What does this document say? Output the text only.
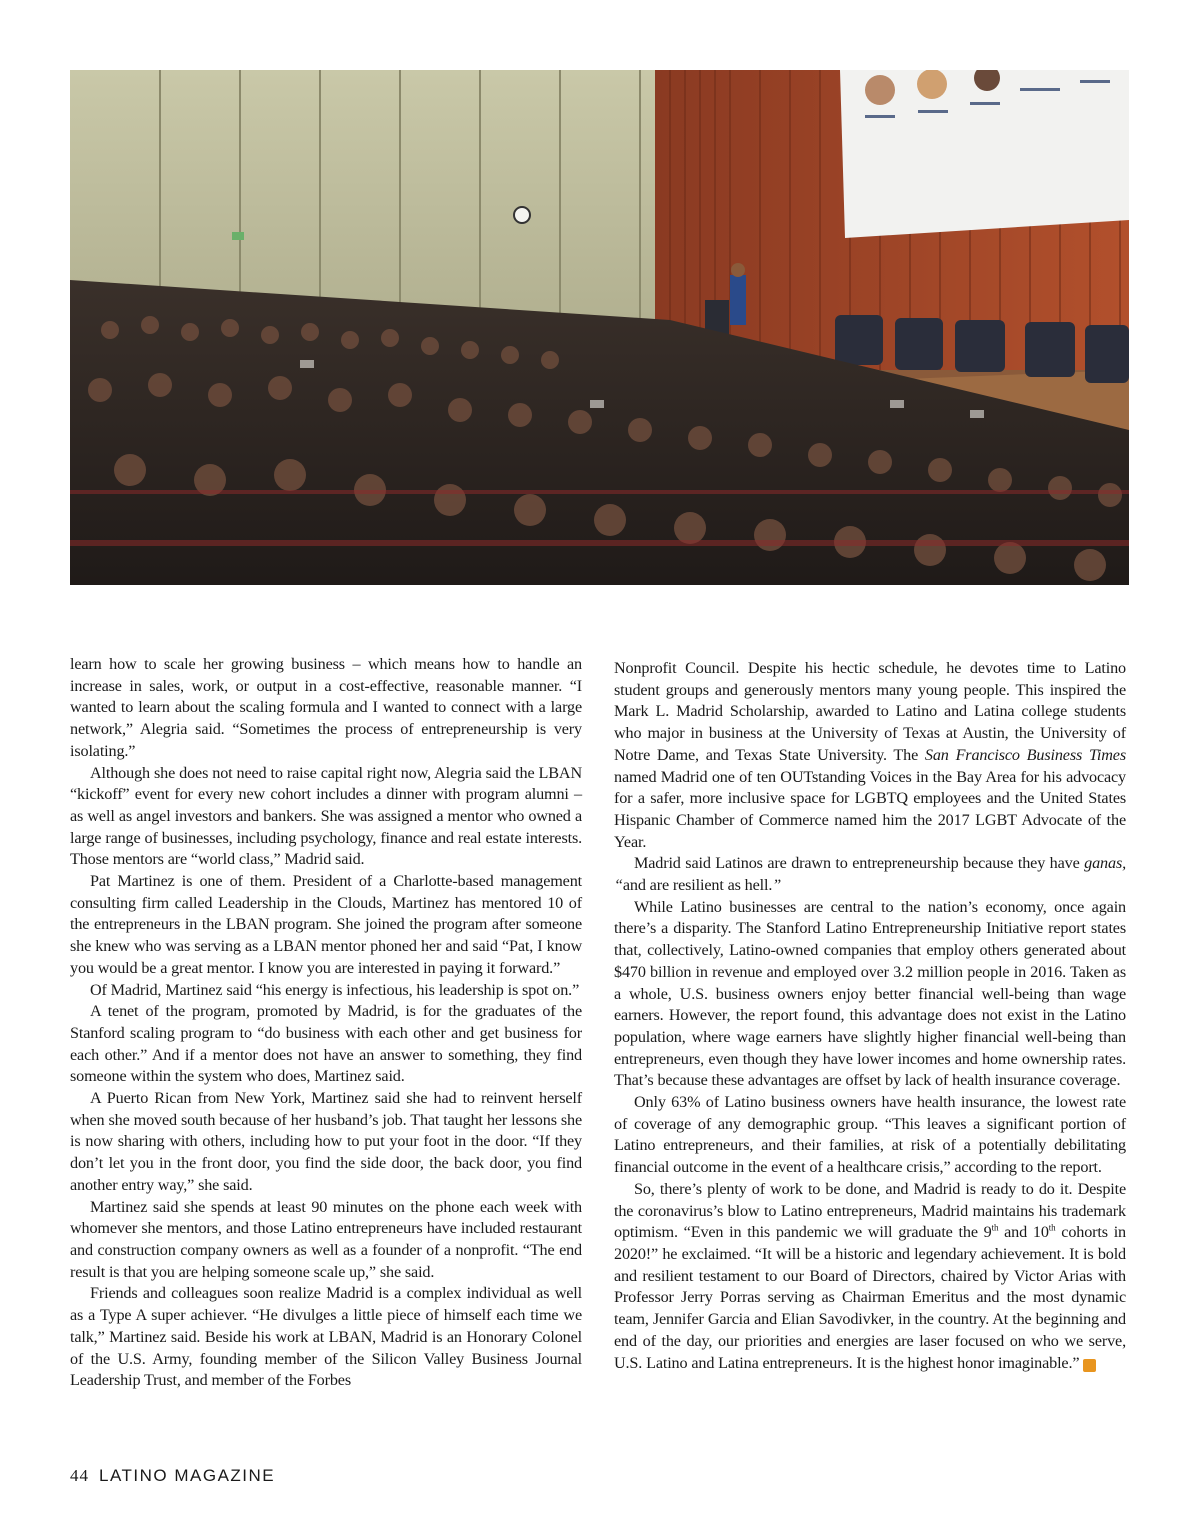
learn how to scale her growing business – which means how to handle an increase in sales, work, or output in a cost-effective, reasonable manner. “I wanted to learn about the scaling formula and I wanted to connect with a large network,” Alegria said. “Sometimes the process of entrepreneurship is very isolating.”

Although she does not need to raise capital right now, Alegria said the LBAN “kickoff” event for every new cohort includes a dinner with program alumni – as well as angel investors and bankers. She was assigned a mentor who owned a large range of businesses, including psychology, finance and real estate interests. Those mentors are “world class,” Madrid said.

Pat Martinez is one of them. President of a Charlotte-based management consulting firm called Leadership in the Clouds, Martinez has mentored 10 of the entrepreneurs in the LBAN program. She joined the program after someone she knew who was serving as a LBAN mentor phoned her and said “Pat, I know you would be a great mentor. I know you are interested in paying it forward.”

Of Madrid, Martinez said “his energy is infectious, his leadership is spot on.”

A tenet of the program, promoted by Madrid, is for the graduates of the Stanford scaling program to “do business with each other and get business for each other.” And if a mentor does not have an answer to something, they find someone within the system who does, Martinez said.

A Puerto Rican from New York, Martinez said she had to reinvent herself when she moved south because of her husband’s job. That taught her lessons she is now sharing with others, including how to put your foot in the door. “If they don’t let you in the front door, you find the side door, the back door, you find another entry way,” she said.

Martinez said she spends at least 90 minutes on the phone each week with whomever she mentors, and those Latino entrepreneurs have included restaurant and construction company owners as well as a founder of a nonprofit. “The end result is that you are helping someone scale up,” she said.

Friends and colleagues soon realize Madrid is a complex individual as well as a Type A super achiever. “He divulges a little piece of himself each time we talk,” Martinez said. Beside his work at LBAN, Madrid is an Honorary Colonel of the U.S. Army, founding member of the Silicon Valley Business Journal Leadership Trust, and member of the Forbes

Nonprofit Council. Despite his hectic schedule, he devotes time to Latino student groups and generously mentors many young people. This inspired the Mark L. Madrid Scholarship, awarded to Latino and Latina college students who major in business at the University of Texas at Austin, the University of Notre Dame, and Texas State University. The San Francisco Business Times named Madrid one of ten OUTstanding Voices in the Bay Area for his advocacy for a safer, more inclusive space for LGBTQ employees and the United States Hispanic Chamber of Commerce named him the 2017 LGBT Advocate of the Year.

Madrid said Latinos are drawn to entrepreneurship because they have ganas, “and are resilient as hell.”

While Latino businesses are central to the nation’s economy, once again there’s a disparity. The Stanford Latino Entrepreneurship Initiative report states that, collectively, Latino-owned companies that employ others generated about $470 billion in revenue and employed over 3.2 million people in 2016. Taken as a whole, U.S. business owners enjoy better financial well-being than wage earners. However, the report found, this advantage does not exist in the Latino population, where wage earners have slightly higher financial well-being than entrepreneurs, even though they have lower incomes and home ownership rates. That’s because these advantages are offset by lack of health insurance coverage.

Only 63% of Latino business owners have health insurance, the lowest rate of coverage of any demographic group. “This leaves a significant portion of Latino entrepreneurs, and their families, at risk of a potentially debilitating financial outcome in the event of a healthcare crisis,” according to the report.

So, there’s plenty of work to be done, and Madrid is ready to do it. Despite the coronavirus’s blow to Latino entrepreneurs, Madrid maintains his trademark optimism. “Even in this pandemic we will graduate the 9th and 10th cohorts in 2020!” he exclaimed. “It will be a historic and legendary achievement. It is bold and resilient testament to our Board of Directors, chaired by Victor Arias with Professor Jerry Porras serving as Chairman Emeritus and the most dynamic team, Jennifer Garcia and Elian Savodivker, in the country. At the beginning and end of the day, our priorities and energies are laser focused on who we serve, U.S. Latino and Latina entrepreneurs. It is the highest honor imaginable.” L

44 LATINO MAGAZINE
